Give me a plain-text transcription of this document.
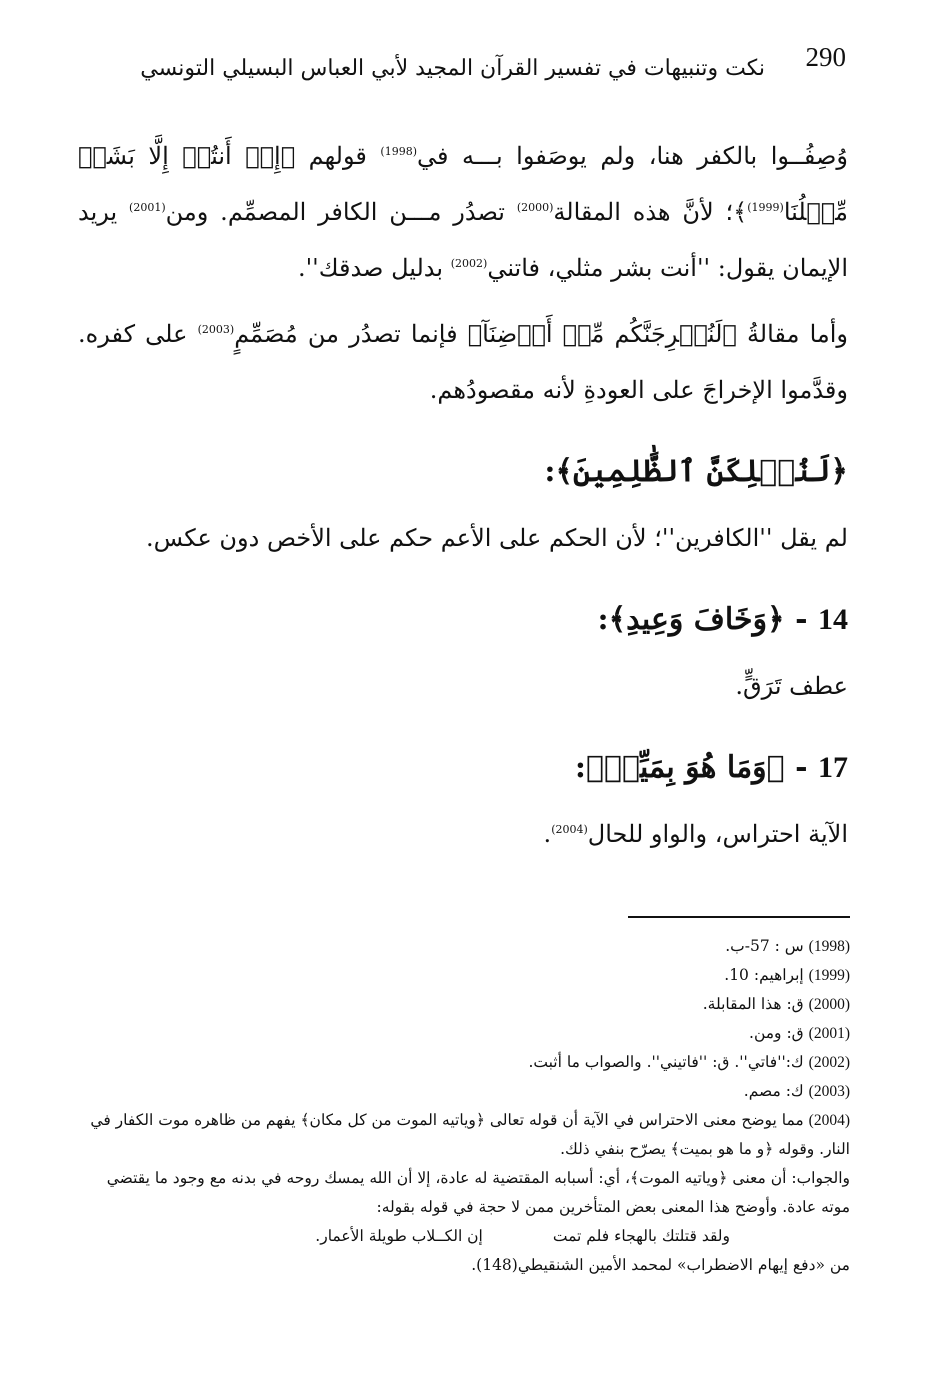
290
نكت وتنبيهات في تفسير القرآن المجيد لأبي العباس البسيلي التونسي

وُصِفُــوا بالكفر هنا، ولم يوصَفوا بـــه في$^{(1998)}$ قولهم ﴿إِنۡ أَنتُمۡ إِلَّا بَشَرٞ مِّثۡلُنَا$^{(1999)}$﴾؛ لأنَّ هذه المقالة$^{(2000)}$ تصدُر مـــن الكافر المصمِّم. ومن$^{(2001)}$ يريد الإيمان يقول: ''أنت بشر مثلي، فاتني$^{(2002)}$ بدليل صدقك''.

وأما مقالةُ ﴿لَنُخۡرِجَنَّكُم مِّنۡ أَرۡضِنَآ﴾ فإنما تصدُر من مُصَمِّمٍ$^{(2003)}$ على كفره. وقدَّموا الإخراجَ على العودةِ لأنه مقصودُهم.

﴿لَنُهۡلِكَنَّ ٱلظَّٰلِمِينَ﴾:

لم يقل ''الكافرين''؛ لأن الحكم على الأعم حكم على الأخص دون عكس.

14 - ﴿وَخَافَ وَعِيدِ﴾:

عطف تَرَقٍّ.

17 - ﴿وَمَا هُوَ بِمَيِّتٖ﴾:

الآية احتراس، والواو للحال$^{(2004)}$.

(1998) س : 57-ب.

(1999) إبراهيم: 10.

(2000) ق: هذا المقابلة.

(2001) ق: ومن.

(2002) ك:''فاتي''. ق: ''فاتيني''. والصواب ما أثبت.

(2003) ك: مصم.

(2004) مما يوضح معنى الاحتراس في الآية أن قوله تعالى ﴿وياتيه الموت من كل مكان﴾ يفهم من ظاهره موت الكفار في النار. وقوله ﴿و ما هو بميت﴾ يصرّح بنفي ذلك.

والجواب: أن معنى ﴿وياتيه الموت﴾، أي: أسبابه المقتضية له عادة، إلا أن الله يمسك روحه في بدنه مع وجود ما يقتضي موته عادة. وأوضح هذا المعنى بعض المتأخرين ممن لا حجة في قوله بقوله:

ولقد قتلتك بالهجاء فلم تمت
إن الكــلاب طويلة الأعمار.

من «دفع إيهام الاضطراب» لمحمد الأمين الشنقيطي(148).
